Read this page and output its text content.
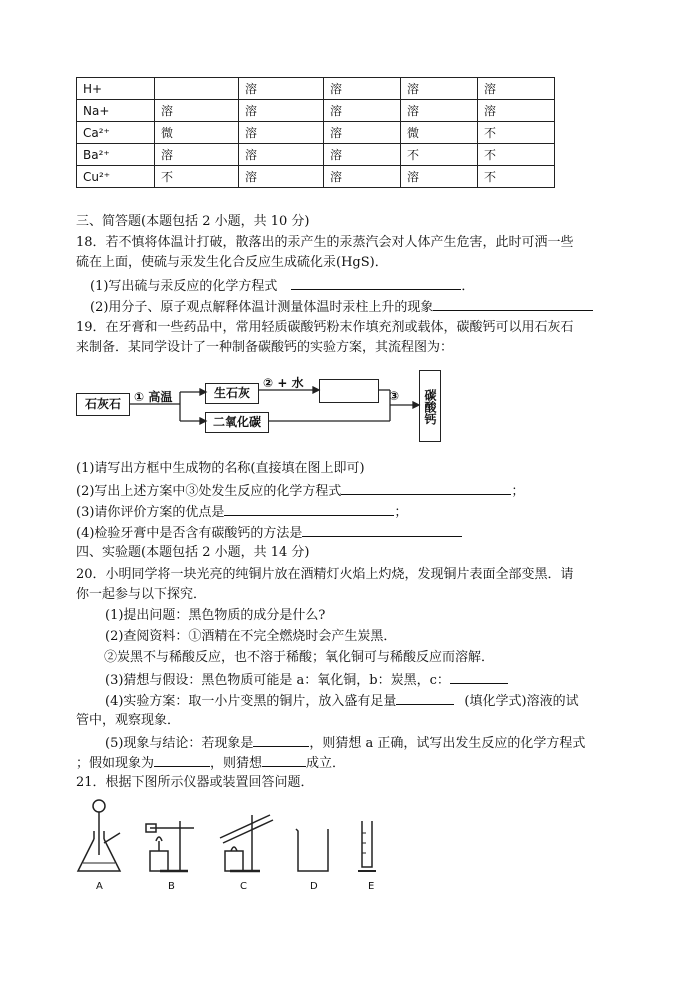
H+		溶	溶	溶	溶
Na+	溶	溶	溶	溶	溶
Ca²⁺	微	溶	溶	微	不
Ba²⁺	溶	溶	溶	不	不
Cu²⁺	不	溶	溶	溶	不
三、简答题(本题包括 2 小题，共 10 分)
18．若不慎将体温计打破，散落出的汞产生的汞蒸汽会对人体产生危害，此时可洒一些
硫在上面，使硫与汞发生化合反应生成硫化汞(HgS)．
(1)写出硫与汞反应的化学方程式	．
(2)用分子、原子观点解释体温计测量体温时汞柱上升的现象
19．在牙膏和一些药品中，常用轻质碳酸钙粉末作填充剂或载体，碳酸钙可以用石灰石
来制备．某同学设计了一种制备碳酸钙的实验方案，其流程图为：
石灰石	① 高温	生石灰
② + 水
二氧化碳
③	碳酸钙
(1)请写出方框中生成物的名称(直接填在图上即可)
(2)写出上述方案中③处发生反应的化学方程式	；
(3)请你评价方案的优点是	；
(4)检验牙膏中是否含有碳酸钙的方法是
四、实验题(本题包括 2 小题，共 14 分)
20．小明同学将一块光亮的纯铜片放在酒精灯火焰上灼烧，发现铜片表面全部变黑．请
你一起参与以下探究．
(1)提出问题：黑色物质的成分是什么?
(2)查阅资料：①酒精在不完全燃烧时会产生炭黑．
②炭黑不与稀酸反应，也不溶于稀酸；氧化铜可与稀酸反应而溶解．
(3)猜想与假设：黑色物质可能是 a：氧化铜，b：炭黑，c：
(4)实验方案：取一小片变黑的铜片，放入盛有足量	(填化学式)溶液的试
管中，观察现象．
(5)现象与结论：若现象是	，则猜想 a 正确，试写出发生反应的化学方程式
；假如现象为	，则猜想	成立．
21．根据下图所示仪器或装置回答问题．
A	B	C	D	E
